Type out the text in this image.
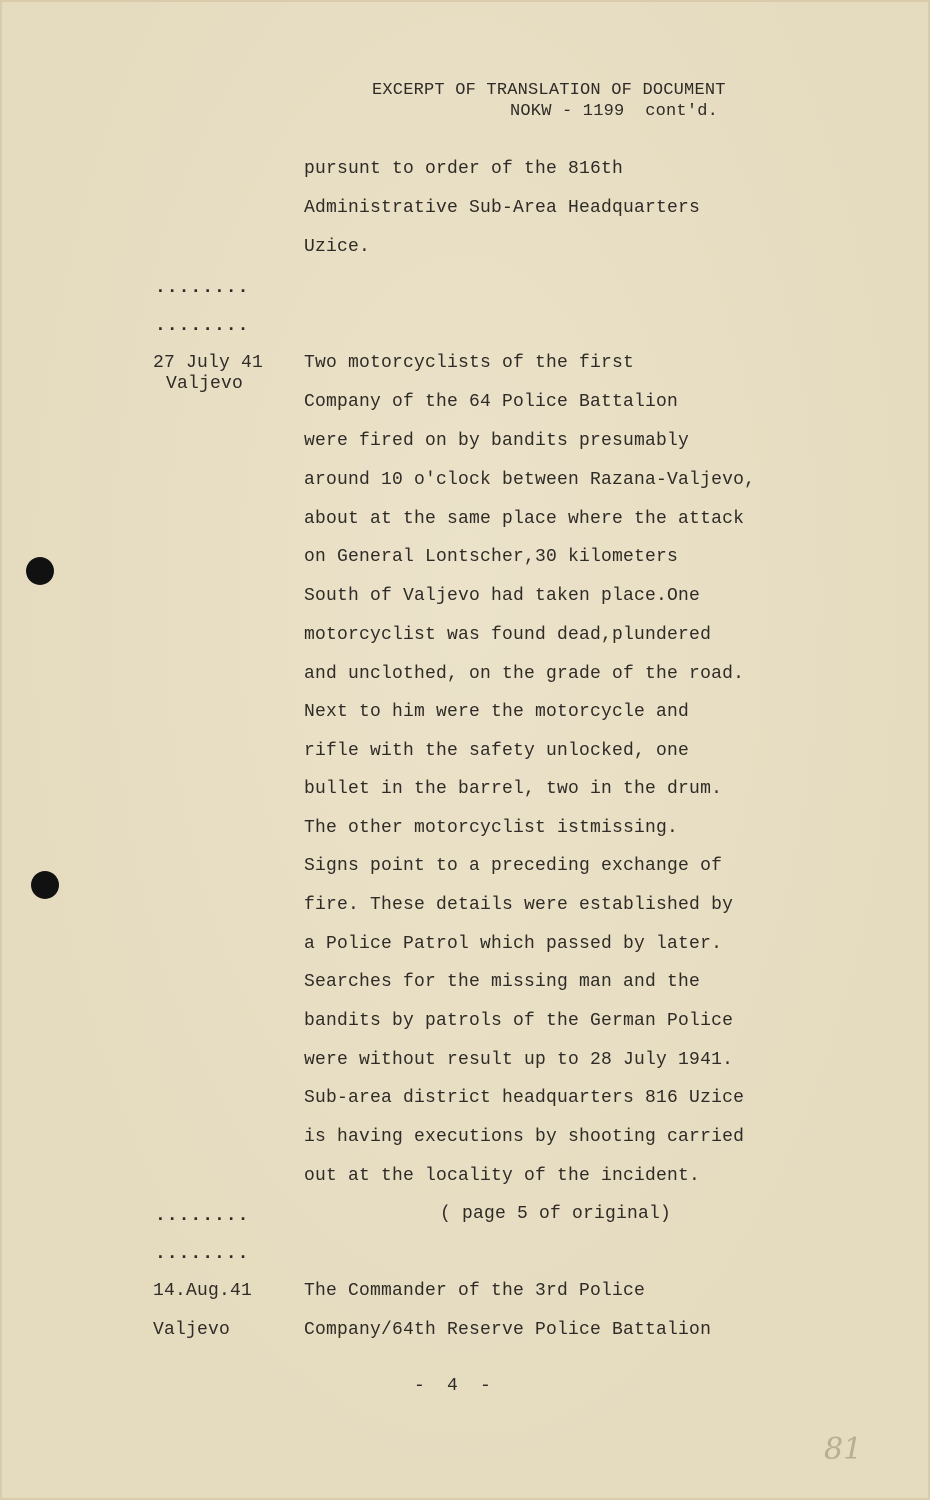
EXCERPT OF TRANSLATION OF DOCUMENT
NOKW - 1199  cont'd.
pursunt to order of the 816th
Administrative Sub-Area Headquarters
Uzice.
........
........
27 July 41
Valjevo
Two motorcyclists of the first
Company of the 64 Police Battalion
were fired on by bandits presumably
around 10 o'clock between Razana-Valjevo,
about at the same place where the attack
on General Lontscher,30 kilometers
South of Valjevo had taken place.One
motorcyclist was found dead,plundered
and unclothed, on the grade of the road.
Next to him were the motorcycle and
rifle with the safety unlocked, one
bullet in the barrel, two in the drum.
The other motorcyclist istmissing.
Signs point to a preceding exchange of
fire. These details were established by
a Police Patrol which passed by later.
Searches for the missing man and the
bandits by patrols of the German Police
were without result up to 28 July 1941.
Sub-area district headquarters 816 Uzice
is having executions by shooting carried
out at the locality of the incident.
........	( page 5 of original)
........
14.Aug.41
Valjevo
The Commander of the 3rd Police
Company/64th Reserve Police Battalion
-  4  -
81
